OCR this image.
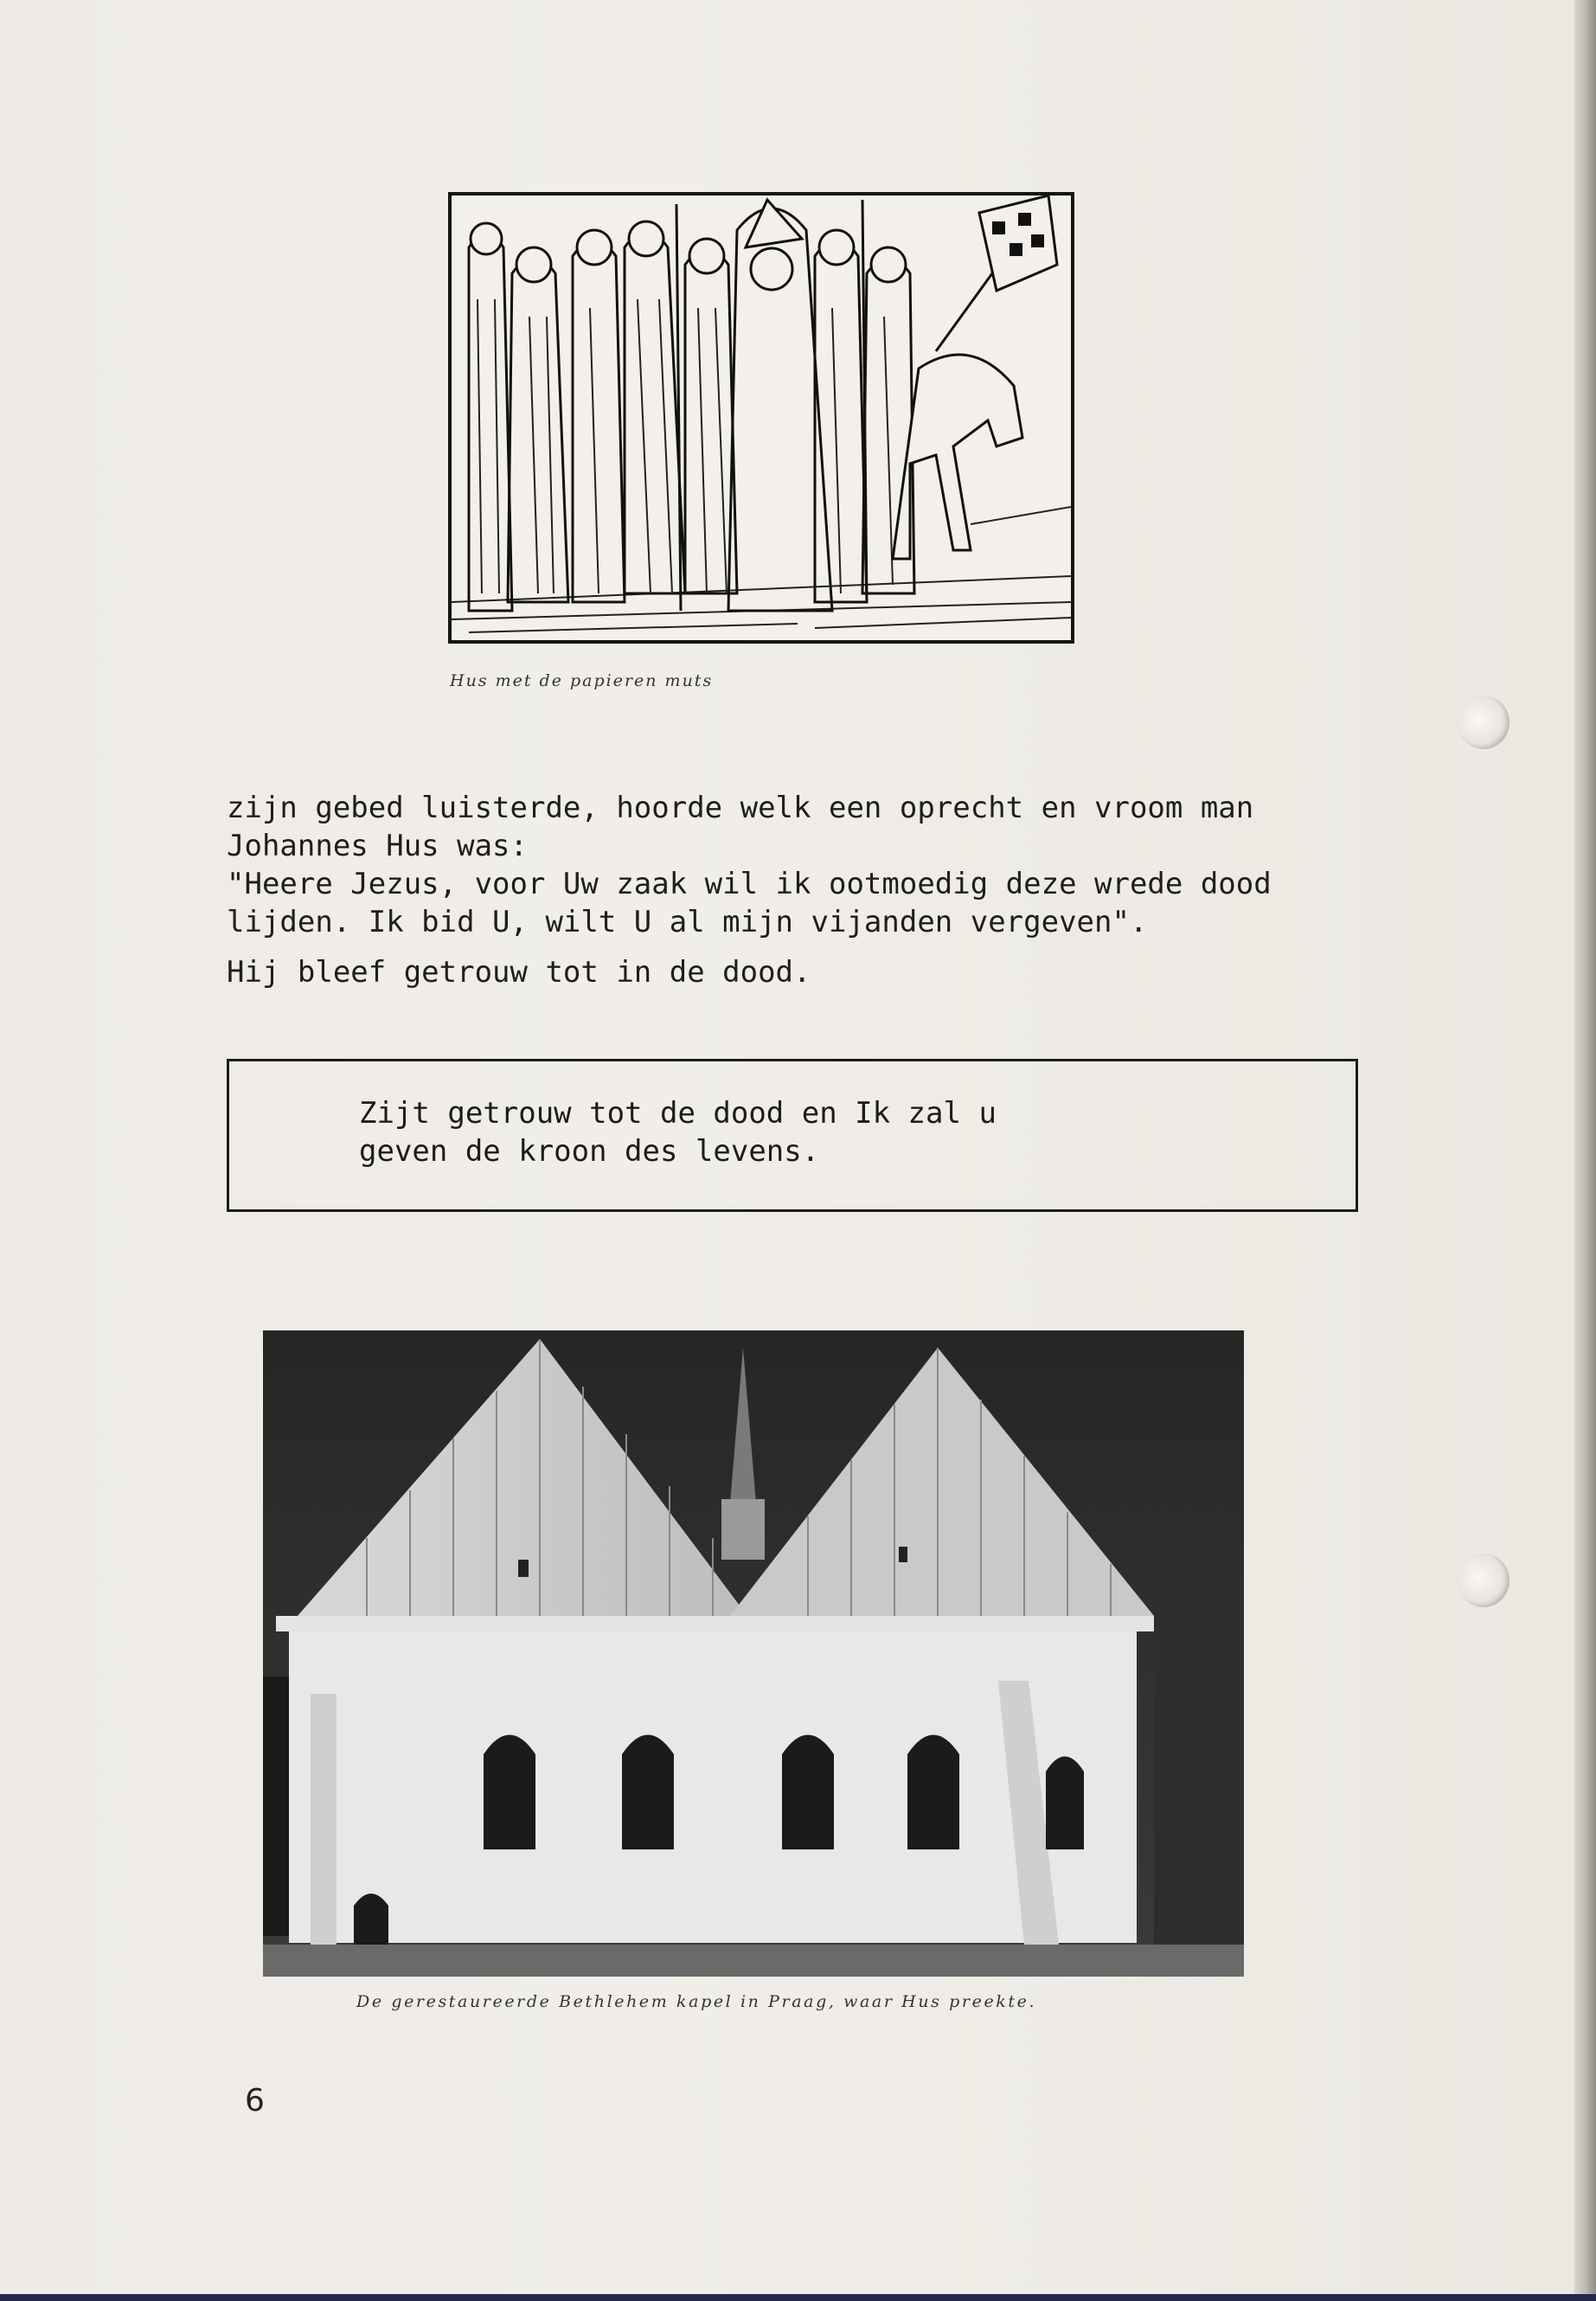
Hus met de papieren muts
zijn gebed luisterde, hoorde welk een oprecht en vroom man
Johannes Hus was:
"Heere Jezus, voor Uw zaak wil ik ootmoedig deze wrede dood
lijden. Ik bid U, wilt U al mijn vijanden vergeven".
Hij bleef getrouw tot in de dood.
Zijt getrouw tot de dood en Ik zal u
geven de kroon des levens.
De gerestaureerde Bethlehem kapel in Praag, waar Hus preekte.
6
